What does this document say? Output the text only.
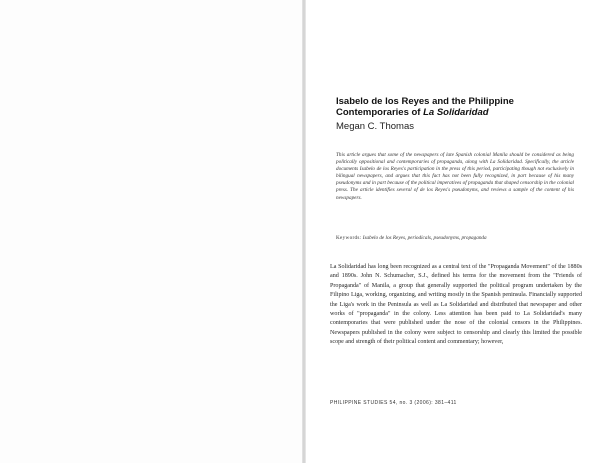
Isabelo de los Reyes and the Philippine
Contemporaries of La Solidaridad
Megan C. Thomas
This article argues that some of the newspapers of late Spanish colonial Manila should be considered as being politically oppositional and contemporaries of propaganda, along with La Solidaridad. Specifically, the article documents Isabelo de los Reyes's participation in the press of this period, participating though not exclusively in bilingual newspapers, and argues that this fact has not been fully recognized, in part because of his many pseudonyms and in part because of the political imperatives of propaganda that shaped censorship in the colonial press. The article identifies several of de los Reyes's pseudonyms, and reviews a sample of the content of his newspapers.
Keywords: Isabelo de los Reyes, periodicals, pseudonyms, propaganda
La Solidaridad has long been recognized as a central text of the "Propaganda Movement" of the 1880s and 1890s. John N. Schumacher, S.J., defined his terms for the movement from the "Friends of Propaganda" of Manila, a group that generally supported the political program undertaken by the Filipino Liga, working, organizing, and writing mostly in the Spanish peninsula. Financially supported the Liga's work in the Peninsula as well as La Solidaridad and distributed that newspaper and other works of "propaganda" in the colony. Less attention has been paid to La Solidaridad's many contemporaries that were published under the nose of the colonial censors in the Philippines. Newspapers published in the colony were subject to censorship and clearly this limited the possible scope and strength of their political content and commentary; however,
PHILIPPINE STUDIES 54, no. 3 (2006): 381–411
